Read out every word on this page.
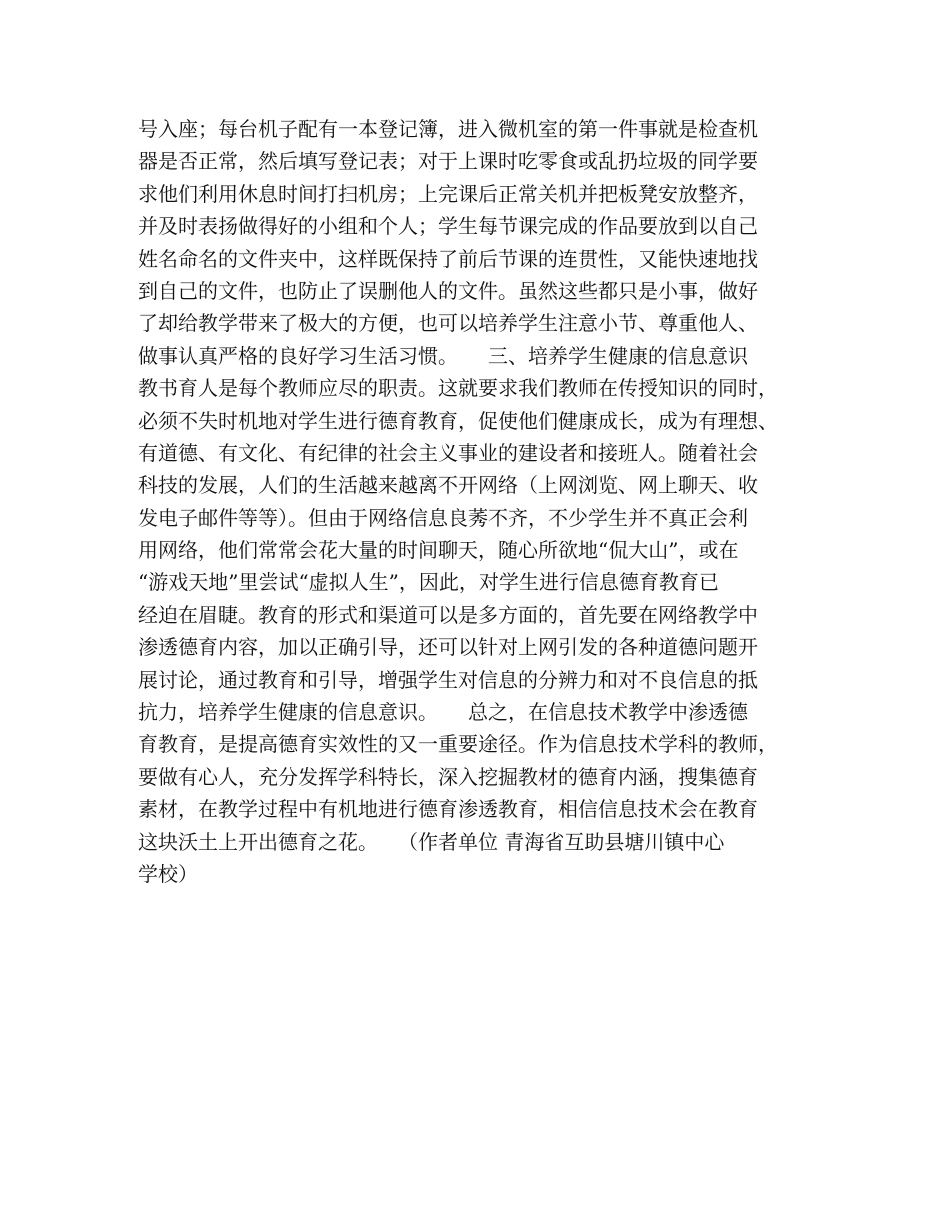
号入座；每台机子配有一本登记簿，进入微机室的第一件事就是检查机
器是否正常，然后填写登记表；对于上课时吃零食或乱扔垃圾的同学要
求他们利用休息时间打扫机房；上完课后正常关机并把板凳安放整齐，
并及时表扬做得好的小组和个人；学生每节课完成的作品要放到以自己
姓名命名的文件夹中，这样既保持了前后节课的连贯性，又能快速地找
到自己的文件，也防止了误删他人的文件。虽然这些都只是小事，做好
了却给教学带来了极大的方便，也可以培养学生注意小节、尊重他人、
做事认真严格的良好学习生活习惯。　　三、培养学生健康的信息意识
教书育人是每个教师应尽的职责。这就要求我们教师在传授知识的同时，
必须不失时机地对学生进行德育教育，促使他们健康成长，成为有理想、
有道德、有文化、有纪律的社会主义事业的建设者和接班人。随着社会
科技的发展，人们的生活越来越离不开网络（上网浏览、网上聊天、收
发电子邮件等等）。但由于网络信息良莠不齐，不少学生并不真正会利
用网络，他们常常会花大量的时间聊天，随心所欲地“侃大山”，或在
“游戏天地”里尝试“虚拟人生”，因此，对学生进行信息德育教育已
经迫在眉睫。教育的形式和渠道可以是多方面的，首先要在网络教学中
渗透德育内容，加以正确引导，还可以针对上网引发的各种道德问题开
展讨论，通过教育和引导，增强学生对信息的分辨力和对不良信息的抵
抗力，培养学生健康的信息意识。　　总之，在信息技术教学中渗透德
育教育，是提高德育实效性的又一重要途径。作为信息技术学科的教师，
要做有心人，充分发挥学科特长，深入挖掘教材的德育内涵，搜集德育
素材，在教学过程中有机地进行德育渗透教育，相信信息技术会在教育
这块沃土上开出德育之花。　　（作者单位 青海省互助县塘川镇中心
学校）
